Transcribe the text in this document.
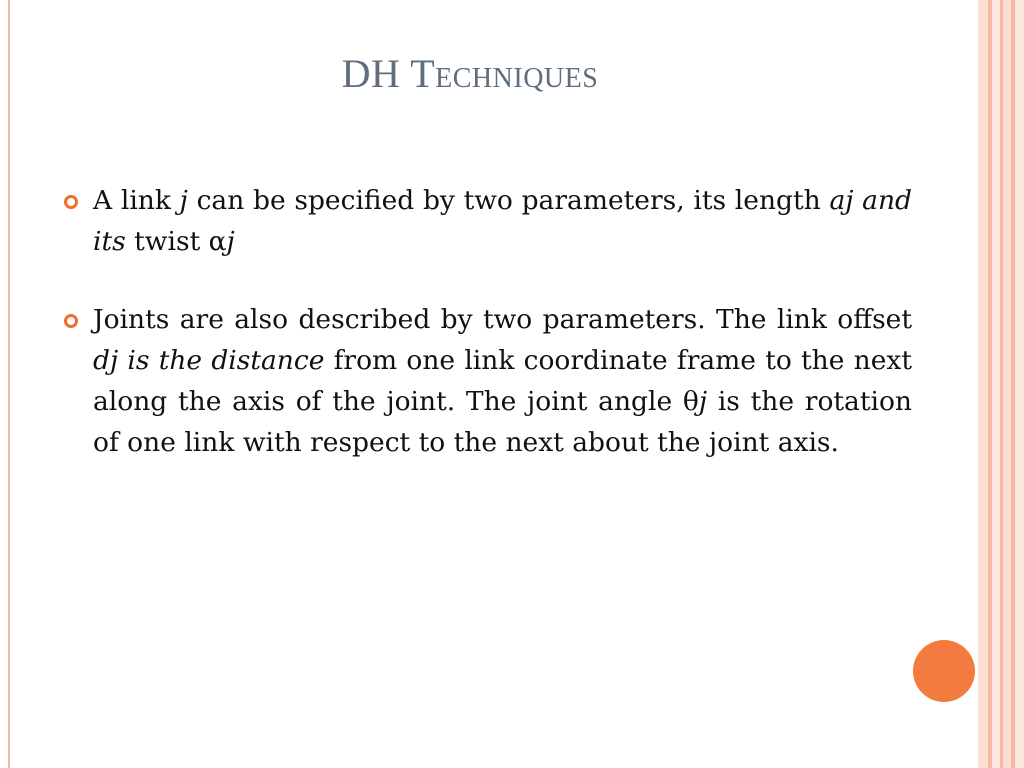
DH Techniques
A link j can be specified by two parameters, its length aj and its twist αj
Joints are also described by two parameters. The link offset dj is the distance from one link coordinate frame to the next along the axis of the joint. The joint angle θj is the rotation of one link with respect to the next about the joint axis.
